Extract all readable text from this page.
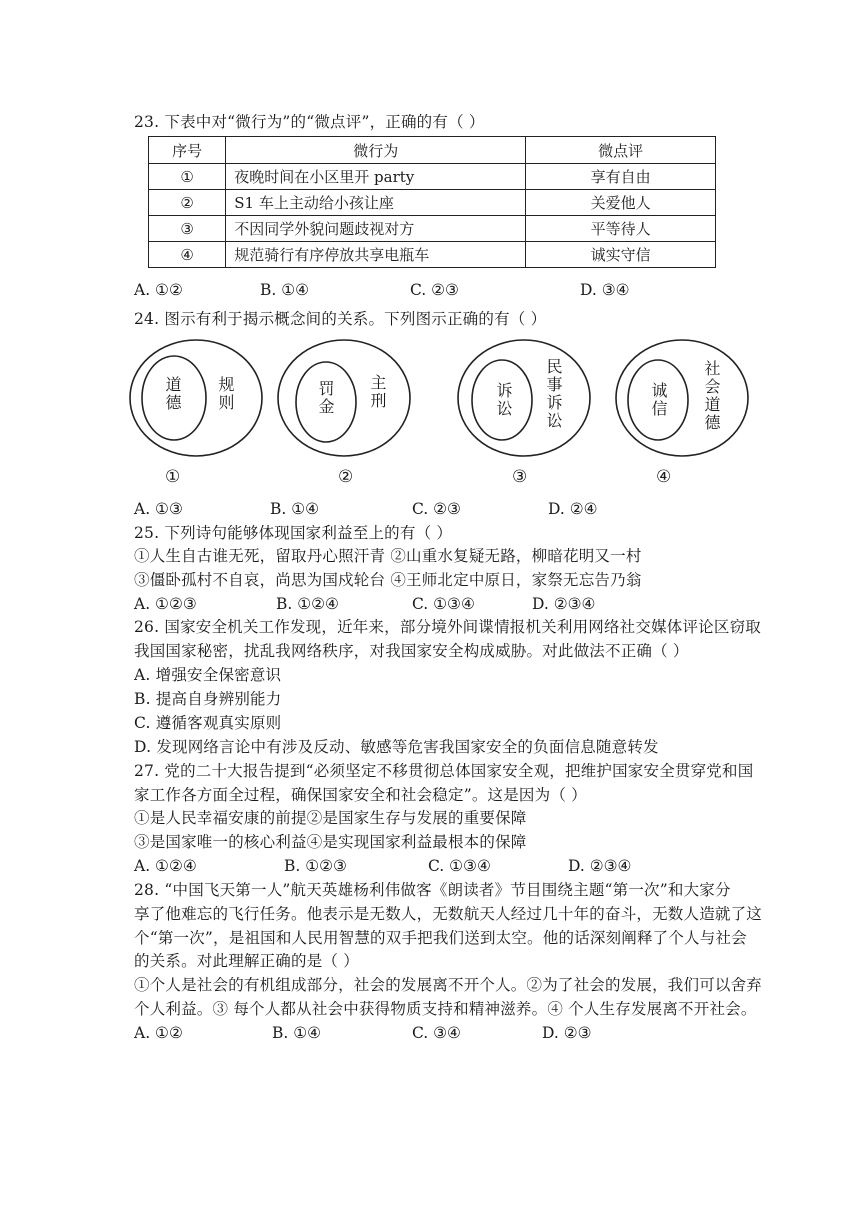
23. 下表中对“微行为”的“微点评”，正确的有（ ）
序号	微行为	微点评
①	夜晚时间在小区里开 party	享有自由
②	S1 车上主动给小孩让座	关爱他人
③	不因同学外貌问题歧视对方	平等待人
④	规范骑行有序停放共享电瓶车	诚实守信
A. ①②	B. ①④	C. ②③	D. ③④
24. 图示有利于揭示概念间的关系。下列图示正确的有（ ）
道德 规则
①
罚金 主刑
②
诉讼 民事诉讼
③
诚信 社会道德
④
A. ①③	B. ①④	C. ②③	D. ②④
25. 下列诗句能够体现国家利益至上的有（ ）
①人生自古谁无死，留取丹心照汗青 ②山重水复疑无路，柳暗花明又一村
③僵卧孤村不自哀，尚思为国戍轮台 ④王师北定中原日，家祭无忘告乃翁
A. ①②③	B. ①②④	C. ①③④	D. ②③④
26. 国家安全机关工作发现，近年来，部分境外间谍情报机关利用网络社交媒体评论区窃取
我国国家秘密，扰乱我网络秩序，对我国家安全构成威胁。对此做法不正确（ ）
A. 增强安全保密意识
B. 提高自身辨别能力
C. 遵循客观真实原则
D. 发现网络言论中有涉及反动、敏感等危害我国家安全的负面信息随意转发
27. 党的二十大报告提到“必须坚定不移贯彻总体国家安全观，把维护国家安全贯穿党和国
家工作各方面全过程，确保国家安全和社会稳定”。这是因为（ ）
①是人民幸福安康的前提②是国家生存与发展的重要保障
③是国家唯一的核心利益④是实现国家利益最根本的保障
A. ①②④	B. ①②③	C. ①③④	D. ②③④
28. “中国飞天第一人”航天英雄杨利伟做客《朗读者》节目围绕主题“第一次”和大家分
享了他难忘的飞行任务。他表示是无数人，无数航天人经过几十年的奋斗，无数人造就了这
个“第一次”，是祖国和人民用智慧的双手把我们送到太空。他的话深刻阐释了个人与社会
的关系。对此理解正确的是（ ）
①个人是社会的有机组成部分，社会的发展离不开个人。②为了社会的发展，我们可以舍弃
个人利益。③ 每个人都从社会中获得物质支持和精神滋养。④ 个人生存发展离不开社会。
A. ①②	B. ①④	C. ③④	D. ②③
